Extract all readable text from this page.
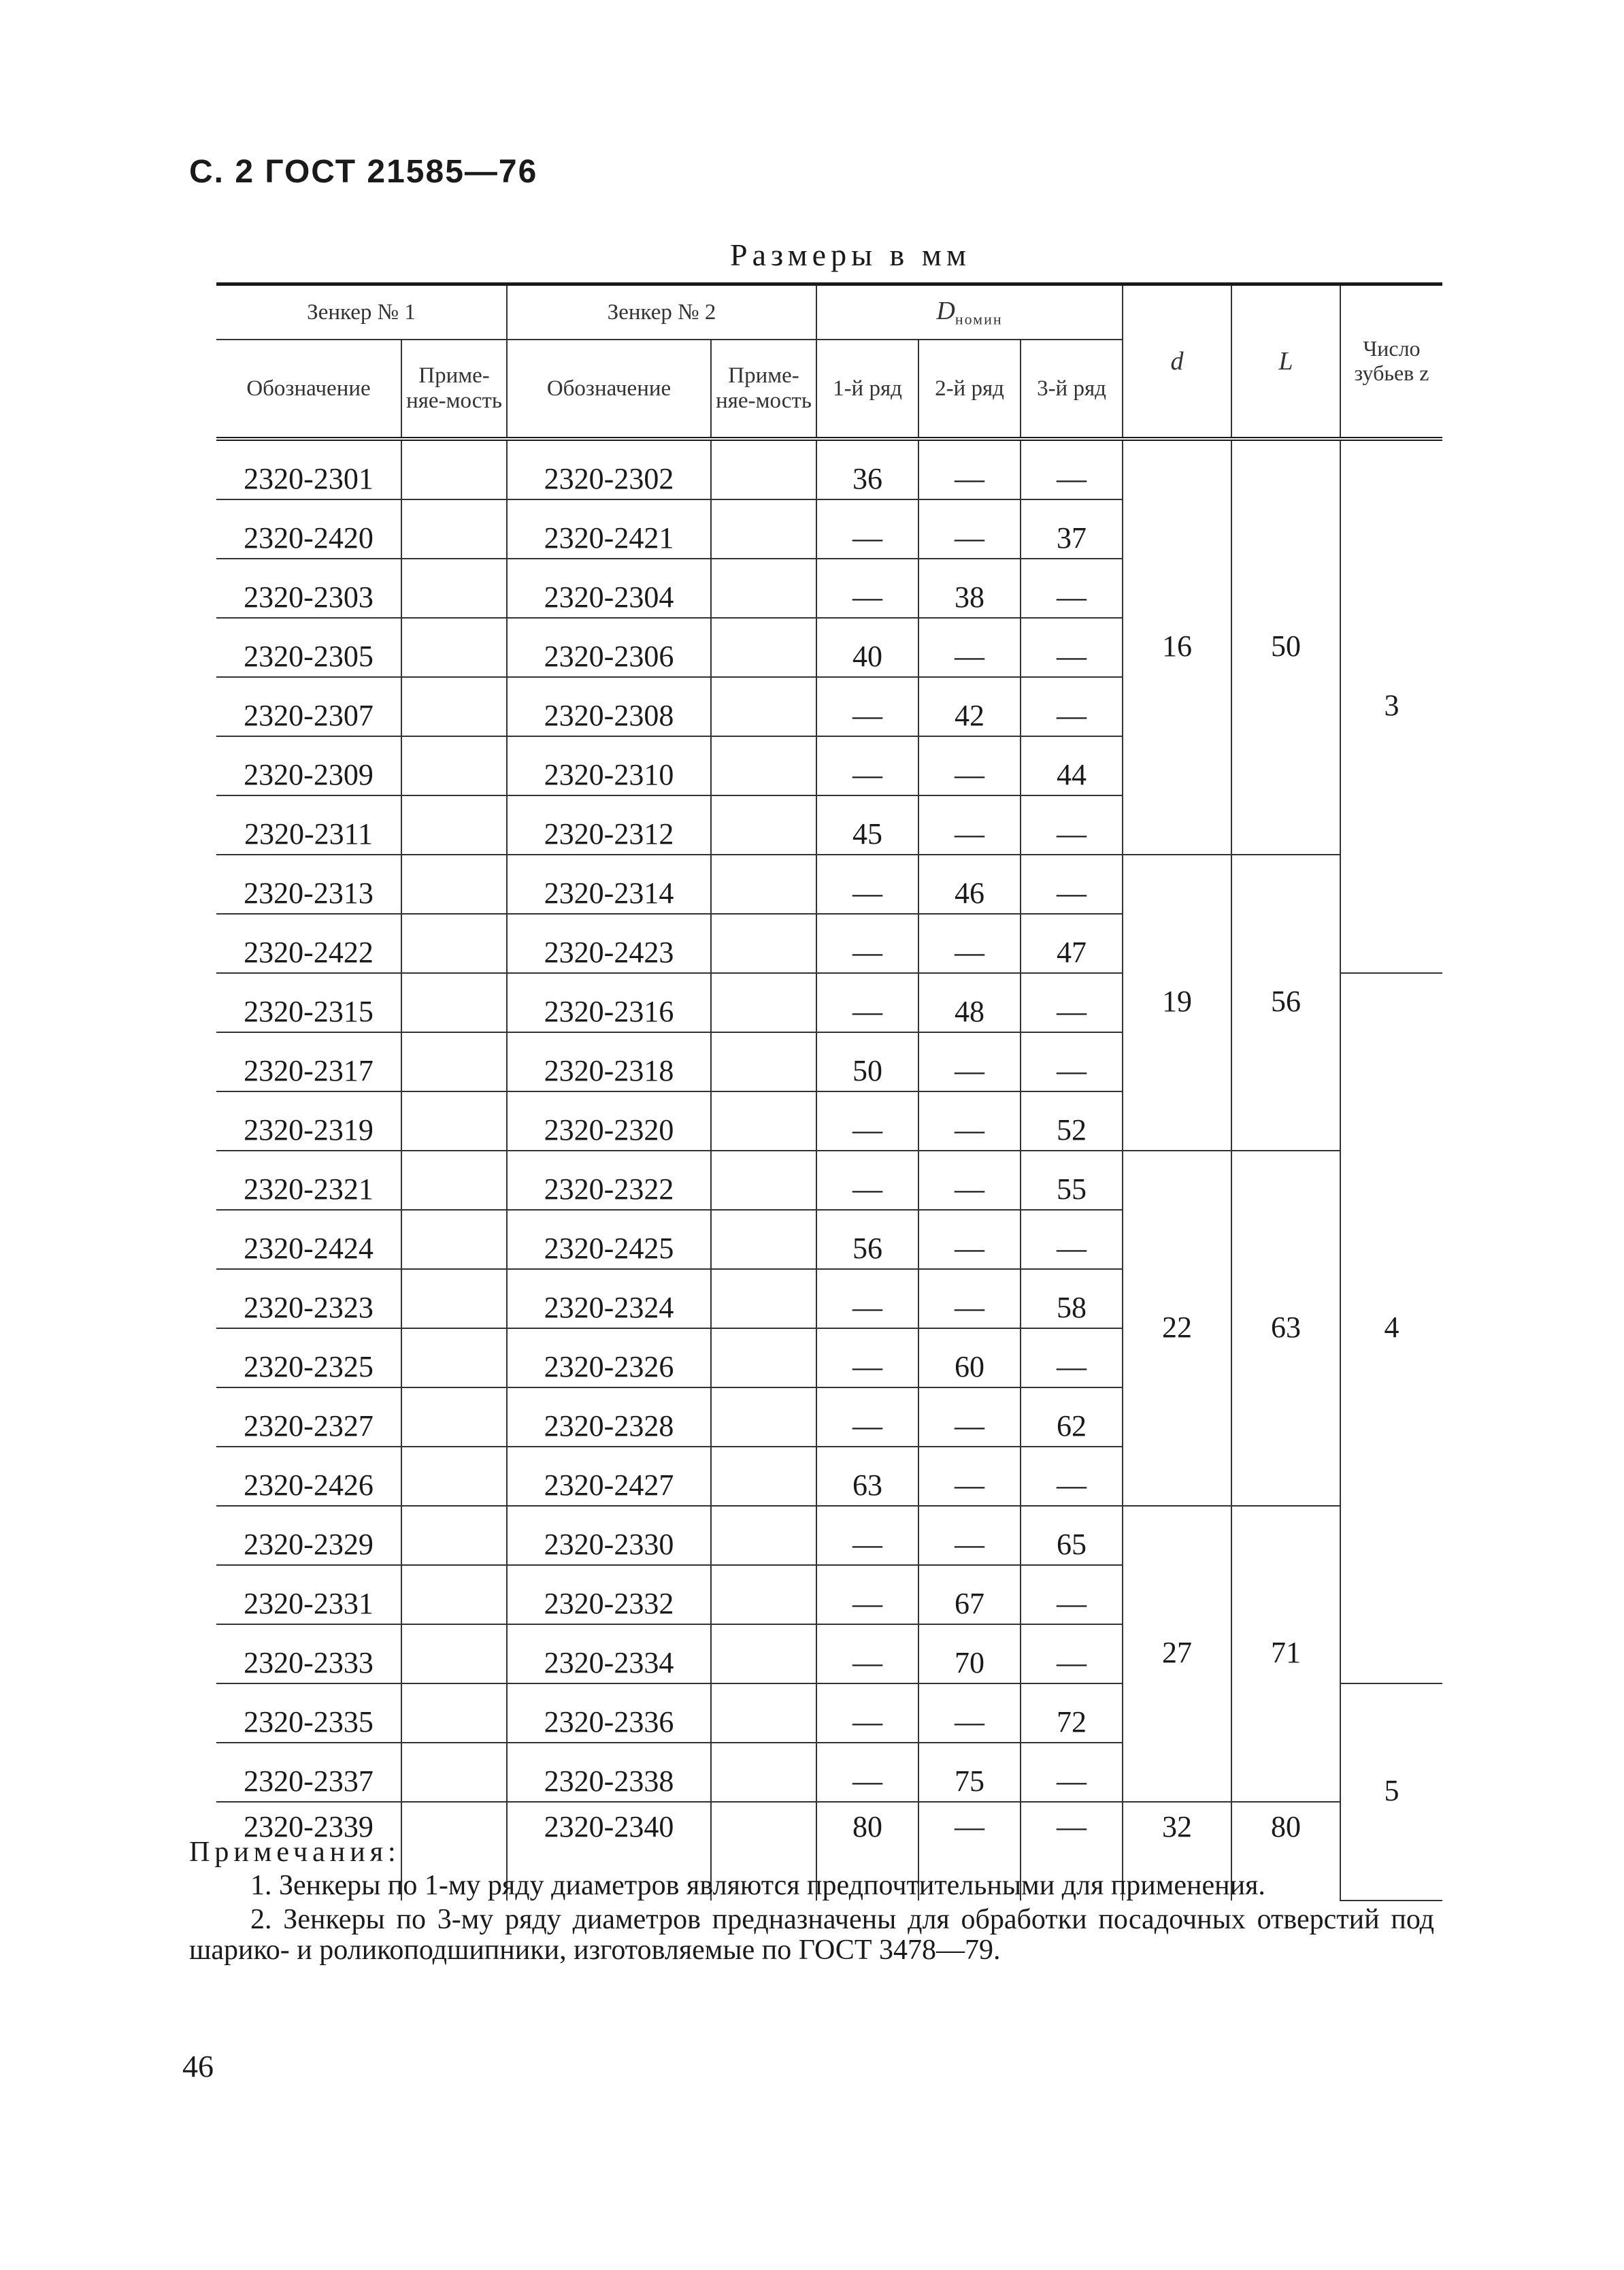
С. 2 ГОСТ 21585—76
Размеры в мм
Зенкер № 1		Зенкер № 2		$D_{номин}$			d	L	Число зубьев z
Обозначение	Приме-няе-мость	Обозначение	Приме-няе-мость	1-й ряд	2-й ряд	3-й ряд			
2320-2301		2320-2302		36	—	—	16	50	3
2320-2420		2320-2421		—	—	37			
2320-2303		2320-2304		—	38	—			
2320-2305		2320-2306		40	—	—			
2320-2307		2320-2308		—	42	—			
2320-2309		2320-2310		—	—	44			
2320-2311		2320-2312		45	—	—			
2320-2313		2320-2314		—	46	—	19	56	
2320-2422		2320-2423		—	—	47			
2320-2315		2320-2316		—	48	—			4
2320-2317		2320-2318		50	—	—			
2320-2319		2320-2320		—	—	52			
2320-2321		2320-2322		—	—	55	22	63	
2320-2424		2320-2425		56	—	—			
2320-2323		2320-2324		—	—	58			
2320-2325		2320-2326		—	60	—			
2320-2327		2320-2328		—	—	62			
2320-2426		2320-2427		63	—	—			
2320-2329		2320-2330		—	—	65	27	71	
2320-2331		2320-2332		—	67	—			
2320-2333		2320-2334		—	70	—			
2320-2335		2320-2336		—	—	72			5
2320-2337		2320-2338		—	75	—			
2320-2339		2320-2340		80	—	—	32	80	
Примечания:

1. Зенкеры по 1-му ряду диаметров являются предпочтительными для применения.

2. Зенкеры по 3-му ряду диаметров предназначены для обработки посадочных отверстий под шарико- и роликоподшипники, изготовляемые по ГОСТ 3478—79.

46
